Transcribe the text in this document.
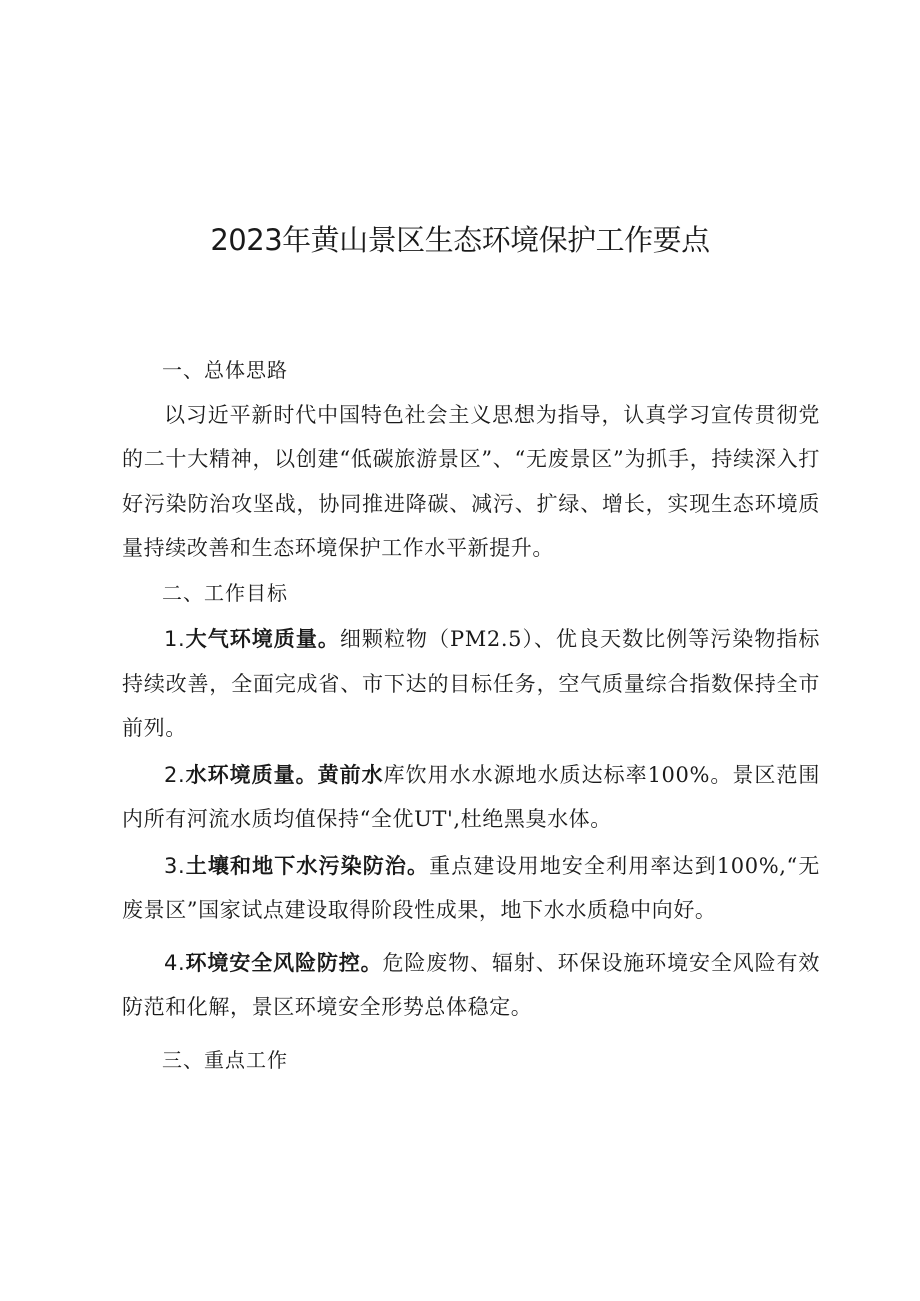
2023年黄山景区生态环境保护工作要点

一、总体思路

以习近平新时代中国特色社会主义思想为指导，认真学习宣传贯彻党的二十大精神，以创建“低碳旅游景区”、“无废景区”为抓手，持续深入打好污染防治攻坚战，协同推进降碳、减污、扩绿、增长，实现生态环境质量持续改善和生态环境保护工作水平新提升。

二、工作目标

1.大气环境质量。细颗粒物（PM2.5）、优良天数比例等污染物指标持续改善，全面完成省、市下达的目标任务，空气质量综合指数保持全市前列。

2.水环境质量。黄前水库饮用水水源地水质达标率100%。景区范围内所有河流水质均值保持“全优UT',杜绝黑臭水体。

3.土壤和地下水污染防治。重点建设用地安全利用率达到100%,“无废景区”国家试点建设取得阶段性成果，地下水水质稳中向好。

4.环境安全风险防控。危险废物、辐射、环保设施环境安全风险有效防范和化解，景区环境安全形势总体稳定。

三、重点工作
